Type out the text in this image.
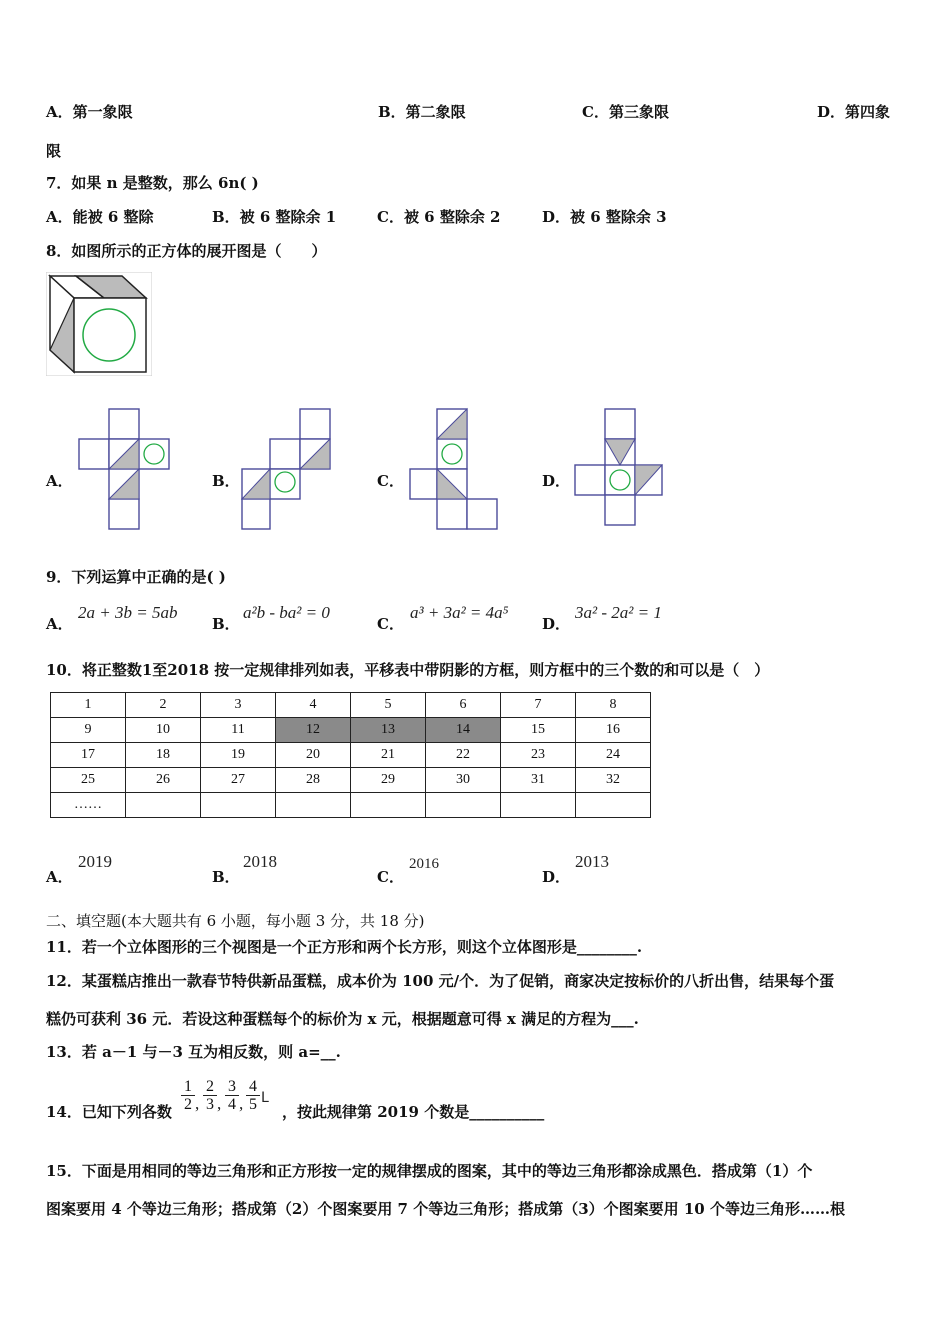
A．第一象限	B．第二象限	C．第三象限	D．第四象
限
7．如果 n 是整数，那么 6n( )
A．能被 6 整除	B．被 6 整除余 1	C．被 6 整除余 2	D．被 6 整除余 3
8．如图所示的正方体的展开图是（　　）
A．	B．	C．	D．
9．下列运算中正确的是( )
A．
2a + 3b = 5ab
B．
a²b - ba² = 0
C．
a³ + 3a² = 4a⁵
D．
3a² - 2a² = 1
10．将正整数1至2018 按一定规律排列如表，平移表中带阴影的方框，则方框中的三个数的和可以是（　）
1	2	3	4	5	6	7	8
9	10	11	12	13	14	15	16
17	18	19	20	21	22	23	24
25	26	27	28	29	30	31	32
……							
A．
2019
B．
2018
C．
2016
D．
2013
二、填空题(本大题共有 6 小题，每小题 3 分，共 18 分)
11．若一个立体图形的三个视图是一个正方形和两个长方形，则这个立体图形是________.
12．某蛋糕店推出一款春节特供新品蛋糕，成本价为 100 元/个．为了促销，商家决定按标价的八折出售，结果每个蛋
糕仍可获利 36 元．若设这种蛋糕每个的标价为 x 元，根据题意可得 x 满足的方程为___.
13．若 a－1 与－3 互为相反数，则 a=__.
14．已知下列各数 $\frac{1}{2}$ , $\frac{2}{3}$ , $\frac{3}{4}$ , $\frac{4}{5}$ L
，按此规律第 2019 个数是__________
15．下面是用相同的等边三角形和正方形按一定的规律摆成的图案，其中的等边三角形都涂成黑色．搭成第（1）个
图案要用 4 个等边三角形；搭成第（2）个图案要用 7 个等边三角形；搭成第（3）个图案要用 10 个等边三角形……根
